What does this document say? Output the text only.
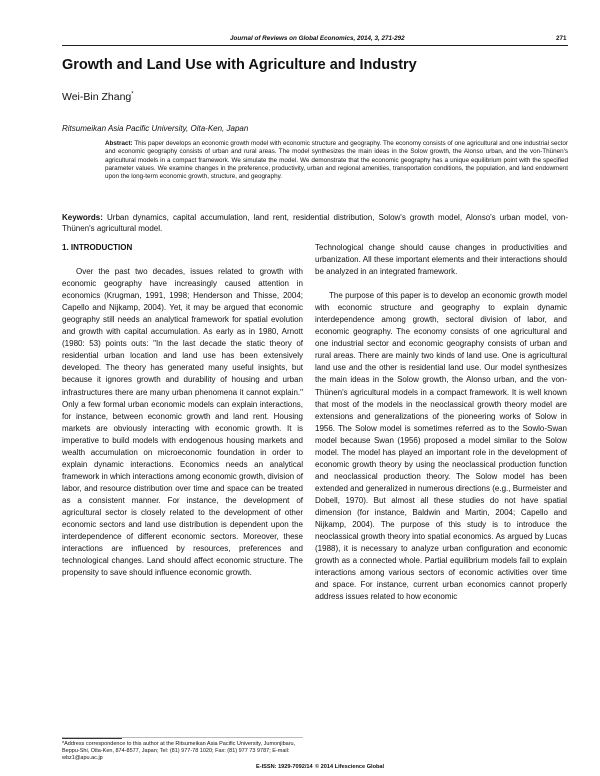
Journal of Reviews on Global Economics, 2014, 3, 271-292	271
Growth and Land Use with Agriculture and Industry
Wei-Bin Zhang*
Ritsumeikan Asia Pacific University, Oita-Ken, Japan
Abstract: This paper develops an economic growth model with economic structure and geography. The economy consists of one agricultural and one industrial sector and economic geography consists of urban and rural areas. The model synthesizes the main ideas in the Solow growth, the Alonso urban, and the von-Thünen's agricultural models in a compact framework. We simulate the model. We demonstrate that the economic geography has a unique equilibrium point with the specified parameter values. We examine changes in the preference, productivity, urban and regional amenities, transportation conditions, the population, and land endowment upon the long-term economic growth, structure, and geography.
Keywords: Urban dynamics, capital accumulation, land rent, residential distribution, Solow's growth model, Alonso's urban model, von-Thünen's agricultural model.

1. INTRODUCTION

Over the past two decades, issues related to growth with economic geography have increasingly caused attention in economics (Krugman, 1991, 1998; Henderson and Thisse, 2004; Capello and Nijkamp, 2004). Yet, it may be argued that economic geography still needs an analytical framework for spatial evolution and growth with capital accumulation. As early as in 1980, Arnott (1980: 53) points outs: "In the last decade the static theory of residential urban location and land use has been extensively developed. The theory has generated many useful insights, but because it ignores growth and durability of housing and urban infrastructures there are many urban phenomena it cannot explain." Only a few formal urban economic models can explain interactions, for instance, between economic growth and land rent. Housing markets are obviously interacting with economic growth. It is imperative to build models with endogenous housing markets and wealth accumulation on microeconomic foundation in order to explain dynamic interactions. Economics needs an analytical framework in which interactions among economic growth, division of labor, and resource distribution over time and space can be treated as a consistent manner. For instance, the development of agricultural sector is closely related to the development of other economic sectors and land use distribution is dependent upon the interdependence of different economic sectors. Moreover, these interactions are influenced by resources, preferences and technological changes. Land should affect economic structure. The propensity to save should influence economic growth.

Technological change should cause changes in productivities and urbanization. All these important elements and their interactions should be analyzed in an integrated framework.

The purpose of this paper is to develop an economic growth model with economic structure and geography to explain dynamic interdependence among growth, sectoral division of labor, and economic geography. The economy consists of one agricultural and one industrial sector and economic geography consists of urban and rural areas. There are mainly two kinds of land use. One is agricultural land use and the other is residential land use. Our model synthesizes the main ideas in the Solow growth, the Alonso urban, and the von-Thünen's agricultural models in a compact framework. It is well known that most of the models in the neoclassical growth theory model are extensions and generalizations of the pioneering works of Solow in 1956. The Solow model is sometimes referred as to the Sowlo-Swan model because Swan (1956) proposed a model similar to the Solow model. The model has played an important role in the development of economic growth theory by using the neoclassical production function and neoclassical production theory. The Solow model has been extended and generalized in numerous directions (e.g., Burmeister and Dobell, 1970). But almost all these studies do not have spatial dimension (for instance, Baldwin and Martin, 2004; Capello and Nijkamp, 2004). The purpose of this study is to introduce the neoclassical growth theory into spatial economics. As argued by Lucas (1988), it is necessary to analyze urban configuration and economic growth as a connected whole. Partial equilibrium models fail to explain interactions among various sectors of economic activities over time and space. For instance, current urban economics cannot properly address issues related to how economic

*Address correspondence to this author at the Ritsumeikan Asia Pacific University, Jumonjibaru, Beppu-Shi, Oita-Ken, 874-8577, Japan; Tel: (81) 977-78 1020; Fax: (81) 977 73 9787; E-mail: wbz1@apu.ac.jp
E-ISSN: 1929-7092/14 © 2014 Lifescience Global
